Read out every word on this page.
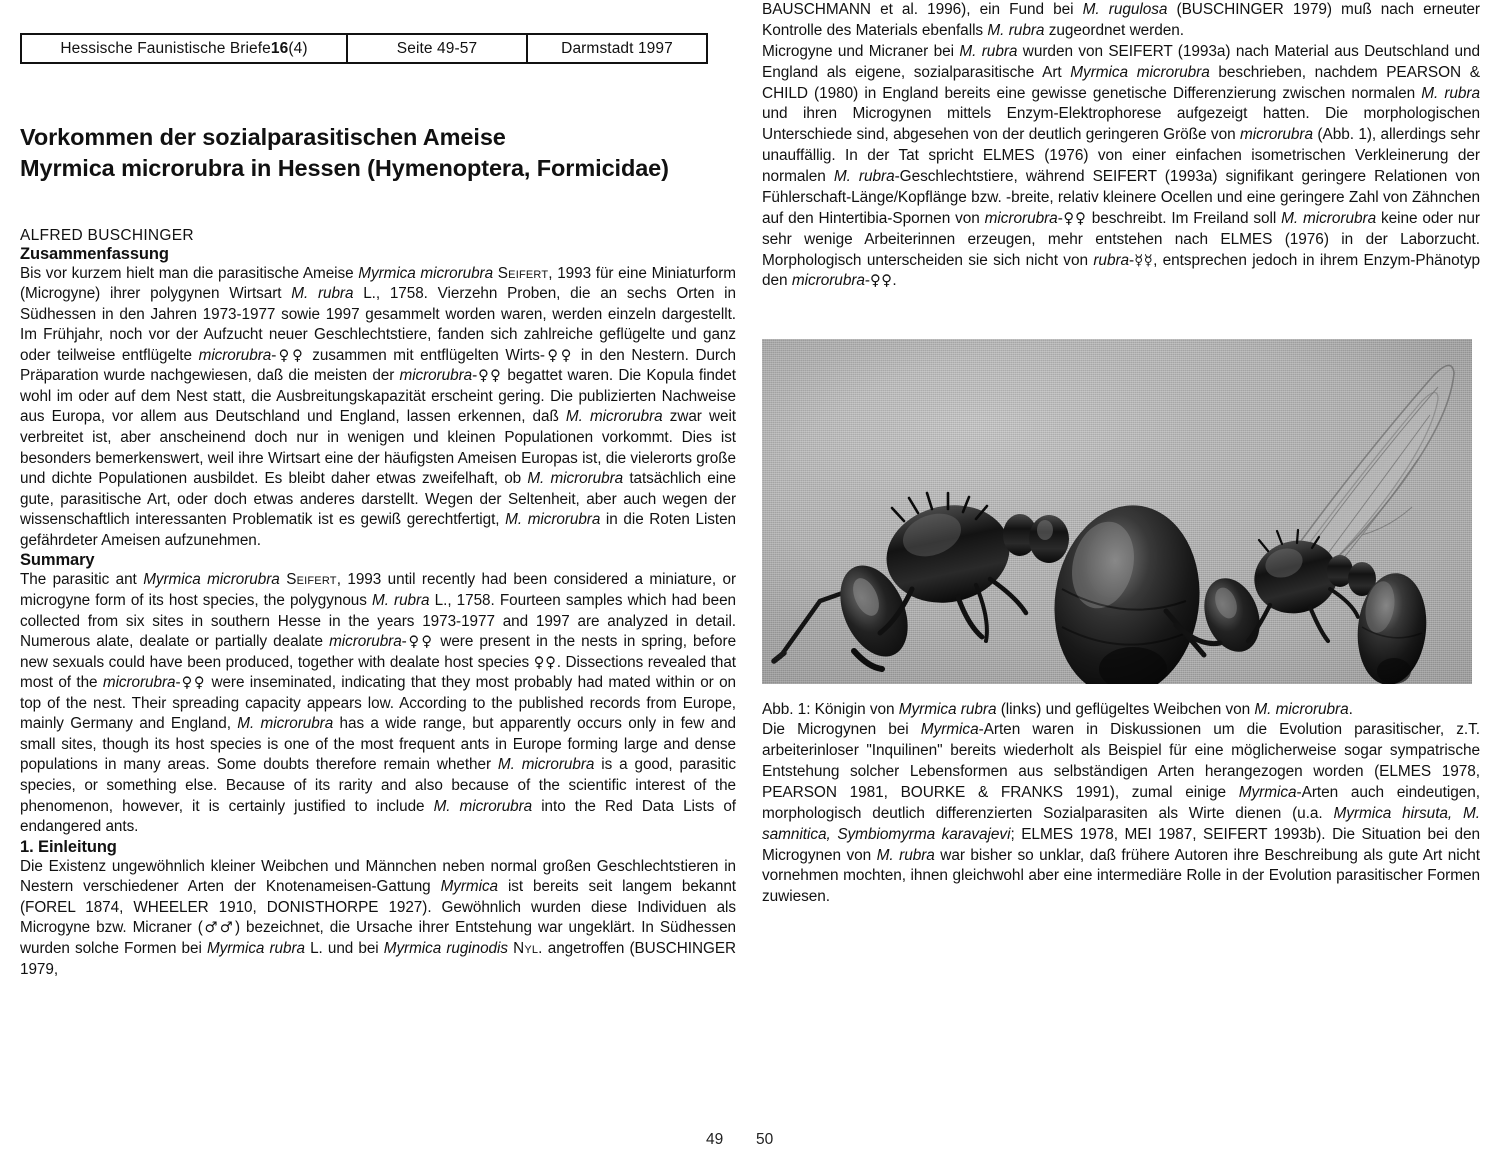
Hessische Faunistische Briefe 16 (4)	Seite 49-57	Darmstadt 1997
Vorkommen der sozialparasitischen Ameise
Myrmica microrubra in Hessen (Hymenoptera, Formicidae)
ALFRED BUSCHINGER
Zusammenfassung

Bis vor kurzem hielt man die parasitische Ameise Myrmica microrubra Seifert, 1993 für eine Miniaturform (Microgyne) ihrer polygynen Wirtsart M. rubra L., 1758. Vierzehn Proben, die an sechs Orten in Südhessen in den Jahren 1973-1977 sowie 1997 gesammelt worden waren, werden einzeln dargestellt. Im Frühjahr, noch vor der Aufzucht neuer Geschlechtstiere, fanden sich zahlreiche geflügelte und ganz oder teilweise entflügelte microrubra-♀♀ zusammen mit entflügelten Wirts-♀♀ in den Nestern. Durch Präparation wurde nachgewiesen, daß die meisten der microrubra-♀♀ begattet waren. Die Kopula findet wohl im oder auf dem Nest statt, die Ausbreitungskapazität erscheint gering. Die publizierten Nachweise aus Europa, vor allem aus Deutschland und England, lassen erkennen, daß M. microrubra zwar weit verbreitet ist, aber anscheinend doch nur in wenigen und kleinen Populationen vorkommt. Dies ist besonders bemerkenswert, weil ihre Wirtsart eine der häufigsten Ameisen Europas ist, die vielerorts große und dichte Populationen ausbildet. Es bleibt daher etwas zweifelhaft, ob M. microrubra tatsächlich eine gute, parasitische Art, oder doch etwas anderes darstellt. Wegen der Seltenheit, aber auch wegen der wissenschaftlich interessanten Problematik ist es gewiß gerechtfertigt, M. microrubra in die Roten Listen gefährdeter Ameisen aufzunehmen.

Summary

The parasitic ant Myrmica microrubra Seifert, 1993 until recently had been considered a miniature, or microgyne form of its host species, the polygynous M. rubra L., 1758. Fourteen samples which had been collected from six sites in southern Hesse in the years 1973-1977 and 1997 are analyzed in detail. Numerous alate, dealate or partially dealate microrubra-♀♀ were present in the nests in spring, before new sexuals could have been produced, together with dealate host species ♀♀. Dissections revealed that most of the microrubra-♀♀ were inseminated, indicating that they most probably had mated within or on top of the nest. Their spreading capacity appears low. According to the published records from Europe, mainly Germany and England, M. microrubra has a wide range, but apparently occurs only in few and small sites, though its host species is one of the most frequent ants in Europe forming large and dense populations in many areas. Some doubts therefore remain whether M. microrubra is a good, parasitic species, or something else. Because of its rarity and also because of the scientific interest of the phenomenon, however, it is certainly justified to include M. microrubra into the Red Data Lists of endangered ants.

1. Einleitung

Die Existenz ungewöhnlich kleiner Weibchen und Männchen neben normal großen Geschlechtstieren in Nestern verschiedener Arten der Knotenameisen-Gattung Myrmica ist bereits seit langem bekannt (FOREL 1874, WHEELER 1910, DONISTHORPE 1927). Gewöhnlich wurden diese Individuen als Microgyne bzw. Micraner (♂♂) bezeichnet, die Ursache ihrer Entstehung war ungeklärt. In Südhessen wurden solche Formen bei Myrmica rubra L. und bei Myrmica ruginodis Nyl. angetroffen (BUSCHINGER 1979,

BAUSCHMANN et al. 1996), ein Fund bei M. rugulosa (BUSCHINGER 1979) muß nach erneuter Kontrolle des Materials ebenfalls M. rubra zugeordnet werden.

Microgyne und Micraner bei M. rubra wurden von SEIFERT (1993a) nach Material aus Deutschland und England als eigene, sozialparasitische Art Myrmica microrubra beschrieben, nachdem PEARSON & CHILD (1980) in England bereits eine gewisse genetische Differenzierung zwischen normalen M. rubra und ihren Microgynen mittels Enzym-Elektrophorese aufgezeigt hatten. Die morphologischen Unterschiede sind, abgesehen von der deutlich geringeren Größe von microrubra (Abb. 1), allerdings sehr unauffällig. In der Tat spricht ELMES (1976) von einer einfachen isometrischen Verkleinerung der normalen M. rubra-Geschlechtstiere, während SEIFERT (1993a) signifikant geringere Relationen von Fühlerschaft-Länge/Kopflänge bzw. -breite, relativ kleinere Ocellen und eine geringere Zahl von Zähnchen auf den Hintertibia-Spornen von microrubra-♀♀ beschreibt. Im Freiland soll M. microrubra keine oder nur sehr wenige Arbeiterinnen erzeugen, mehr entstehen nach ELMES (1976) in der Laborzucht. Morphologisch unterscheiden sie sich nicht von rubra-☿☿, entsprechen jedoch in ihrem Enzym-Phänotyp den microrubra-♀♀.

Abb. 1: Königin von Myrmica rubra (links) und geflügeltes Weibchen von M. microrubra.

Die Microgynen bei Myrmica-Arten waren in Diskussionen um die Evolution parasitischer, z.T. arbeiterinloser "Inquilinen" bereits wiederholt als Beispiel für eine möglicherweise sogar sympatrische Entstehung solcher Lebensformen aus selbständigen Arten herangezogen worden (ELMES 1978, PEARSON 1981, BOURKE & FRANKS 1991), zumal einige Myrmica-Arten auch eindeutigen, morphologisch deutlich differenzierten Sozialparasiten als Wirte dienen (u.a. Myrmica hirsuta, M. samnitica, Symbiomyrma karavajevi; ELMES 1978, MEI 1987, SEIFERT 1993b). Die Situation bei den Microgynen von M. rubra war bisher so unklar, daß frühere Autoren ihre Beschreibung als gute Art nicht vornehmen mochten, ihnen gleichwohl aber eine intermediäre Rolle in der Evolution parasitischer Formen zuwiesen.

49 50
